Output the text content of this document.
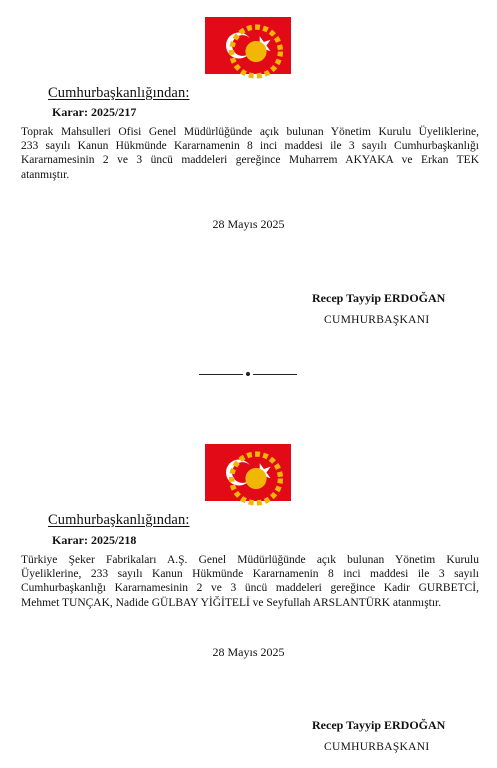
Cumhurbaşkanlığından:
Karar: 2025/217
Toprak Mahsulleri Ofisi Genel Müdürlüğünde açık bulunan Yönetim Kurulu Üyeliklerine,
233 sayılı Kanun Hükmünde Kararnamenin 8 inci maddesi ile 3 sayılı Cumhurbaşkanlığı
Kararnamesinin 2 ve 3 üncü maddeleri gereğince Muharrem AKYAKA ve Erkan TEK
atanmıştır.
28 Mayıs 2025
Recep Tayyip ERDOĞAN
CUMHURBAŞKANI
Cumhurbaşkanlığından:
Karar: 2025/218
Türkiye Şeker Fabrikaları A.Ş. Genel Müdürlüğünde açık bulunan Yönetim Kurulu
Üyeliklerine, 233 sayılı Kanun Hükmünde Kararnamenin 8 inci maddesi ile 3 sayılı
Cumhurbaşkanlığı Kararnamesinin 2 ve 3 üncü maddeleri gereğince Kadir GURBETCİ,
Mehmet TUNÇAK, Nadide GÜLBAY YİĞİTELİ ve Seyfullah ARSLANTÜRK atanmıştır.
28 Mayıs 2025
Recep Tayyip ERDOĞAN
CUMHURBAŞKANI
